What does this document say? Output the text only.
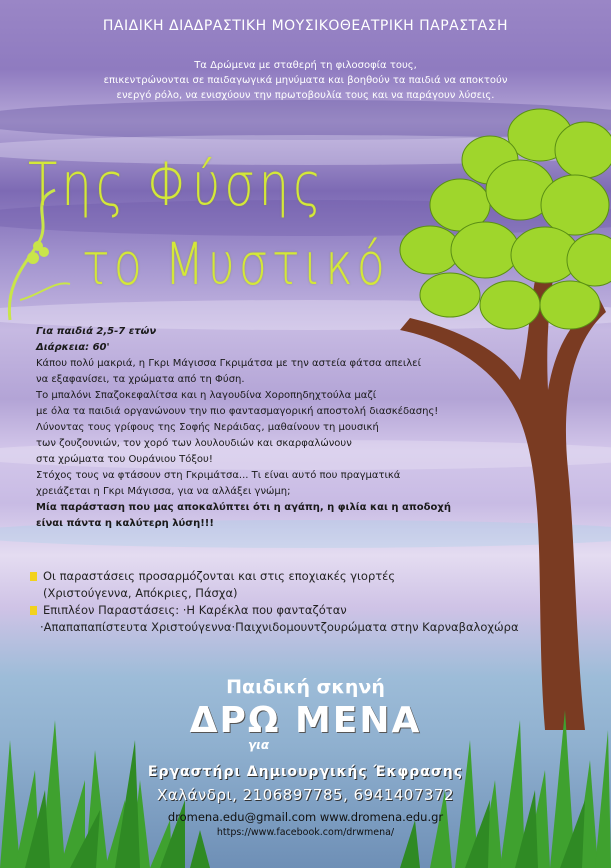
ΠΑΙΔΙΚΗ ΔΙΑΔΡΑΣΤΙΚΗ ΜΟΥΣΙΚΟΘΕΑΤΡΙΚΗ ΠΑΡΑΣΤΑΣΗ
Τα Δρώμενα με σταθερή τη φιλοσοφία τους,
επικεντρώνονται σε παιδαγωγικά μηνύματα και βοηθούν τα παιδιά να αποκτούν
ενεργό ρόλο, να ενισχύουν την πρωτοβουλία τους και να παράγουν λύσεις.
Της Φύσης
το Μυστικό
Για παιδιά 2,5-7 ετών
Διάρκεια: 60'
Κάπου πολύ μακριά, η Γκρι Μάγισσα Γκριμάτσα με την αστεία φάτσα απειλεί
να εξαφανίσει, τα χρώματα από τη Φύση.
Το μπαλόνι Σπαζοκεφαλίτσα και η λαγουδίνα Χοροπηδηχτούλα μαζί
με όλα τα παιδιά οργανώνουν την πιο φαντασμαγορική αποστολή διασκέδασης!
Λύνοντας τους γρίφους της Σοφής Νεράιδας, μαθαίνουν τη μουσική
των ζουζουνιών, τον χορό των λουλουδιών και σκαρφαλώνουν
στα χρώματα του Ουράνιου Τόξου!
Στόχος τους να φτάσουν στη Γκριμάτσα... Τι είναι αυτό που πραγματικά
χρειάζεται η Γκρι Μάγισσα, για να αλλάξει γνώμη;
Μία παράσταση που μας αποκαλύπτει ότι η αγάπη, η φιλία και η αποδοχή
είναι πάντα η καλύτερη λύση!!!
Οι παραστάσεις προσαρμόζονται και στις εποχιακές γιορτές
(Χριστούγεννα, Απόκριες, Πάσχα)
Επιπλέον Παραστάσεις: ·Η Καρέκλα που φανταζόταν
·Απαπαπαπίστευτα Χριστούγεννα·Παιχνιδομουντζουρώματα στην Καρναβαλοχώρα
Παιδική σκηνή
ΔΡΩ ΜΕΝΑ
για
Εργαστήρι Δημιουργικής Έκφρασης
Χαλάνδρι, 2106897785, 6941407372
dromena.edu@gmail.com www.dromena.edu.gr
https://www.facebook.com/drwmena/
